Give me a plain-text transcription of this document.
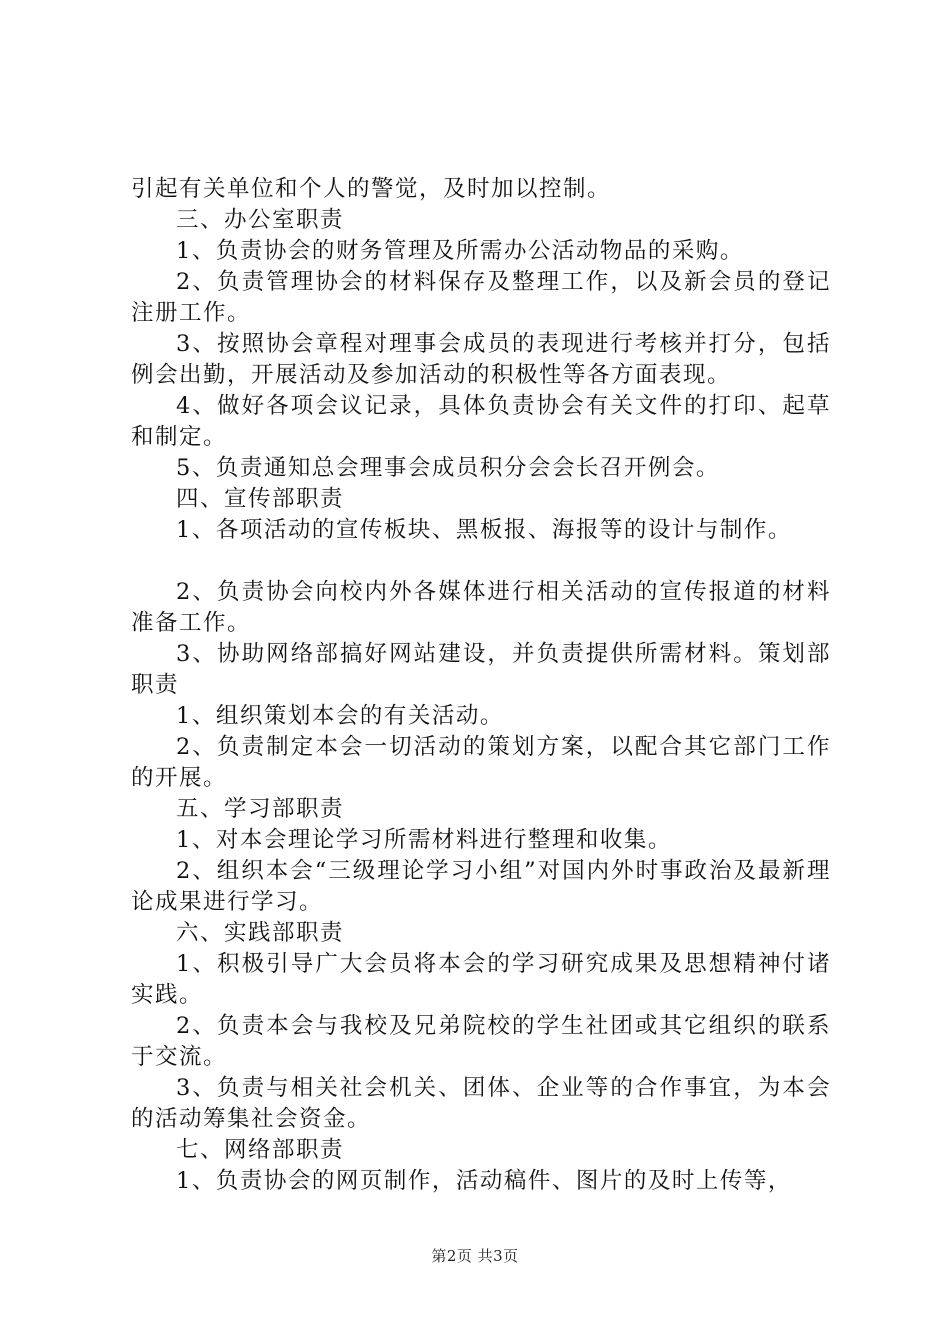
引起有关单位和个人的警觉，及时加以控制。

三、办公室职责

1、负责协会的财务管理及所需办公活动物品的采购。

2、负责管理协会的材料保存及整理工作，以及新会员的登记注册工作。

3、按照协会章程对理事会成员的表现进行考核并打分，包括例会出勤，开展活动及参加活动的积极性等各方面表现。

4、做好各项会议记录，具体负责协会有关文件的打印、起草和制定。

5、负责通知总会理事会成员积分会会长召开例会。

四、宣传部职责

1、各项活动的宣传板块、黑板报、海报等的设计与制作。

2、负责协会向校内外各媒体进行相关活动的宣传报道的材料准备工作。

3、协助网络部搞好网站建设，并负责提供所需材料。策划部职责

1、组织策划本会的有关活动。

2、负责制定本会一切活动的策划方案，以配合其它部门工作的开展。

五、学习部职责

1、对本会理论学习所需材料进行整理和收集。

2、组织本会“三级理论学习小组”对国内外时事政治及最新理论成果进行学习。

六、实践部职责

1、积极引导广大会员将本会的学习研究成果及思想精神付诸实践。

2、负责本会与我校及兄弟院校的学生社团或其它组织的联系于交流。

3、负责与相关社会机关、团体、企业等的合作事宜，为本会的活动筹集社会资金。

七、网络部职责

1、负责协会的网页制作，活动稿件、图片的及时上传等，

第2页 共3页
